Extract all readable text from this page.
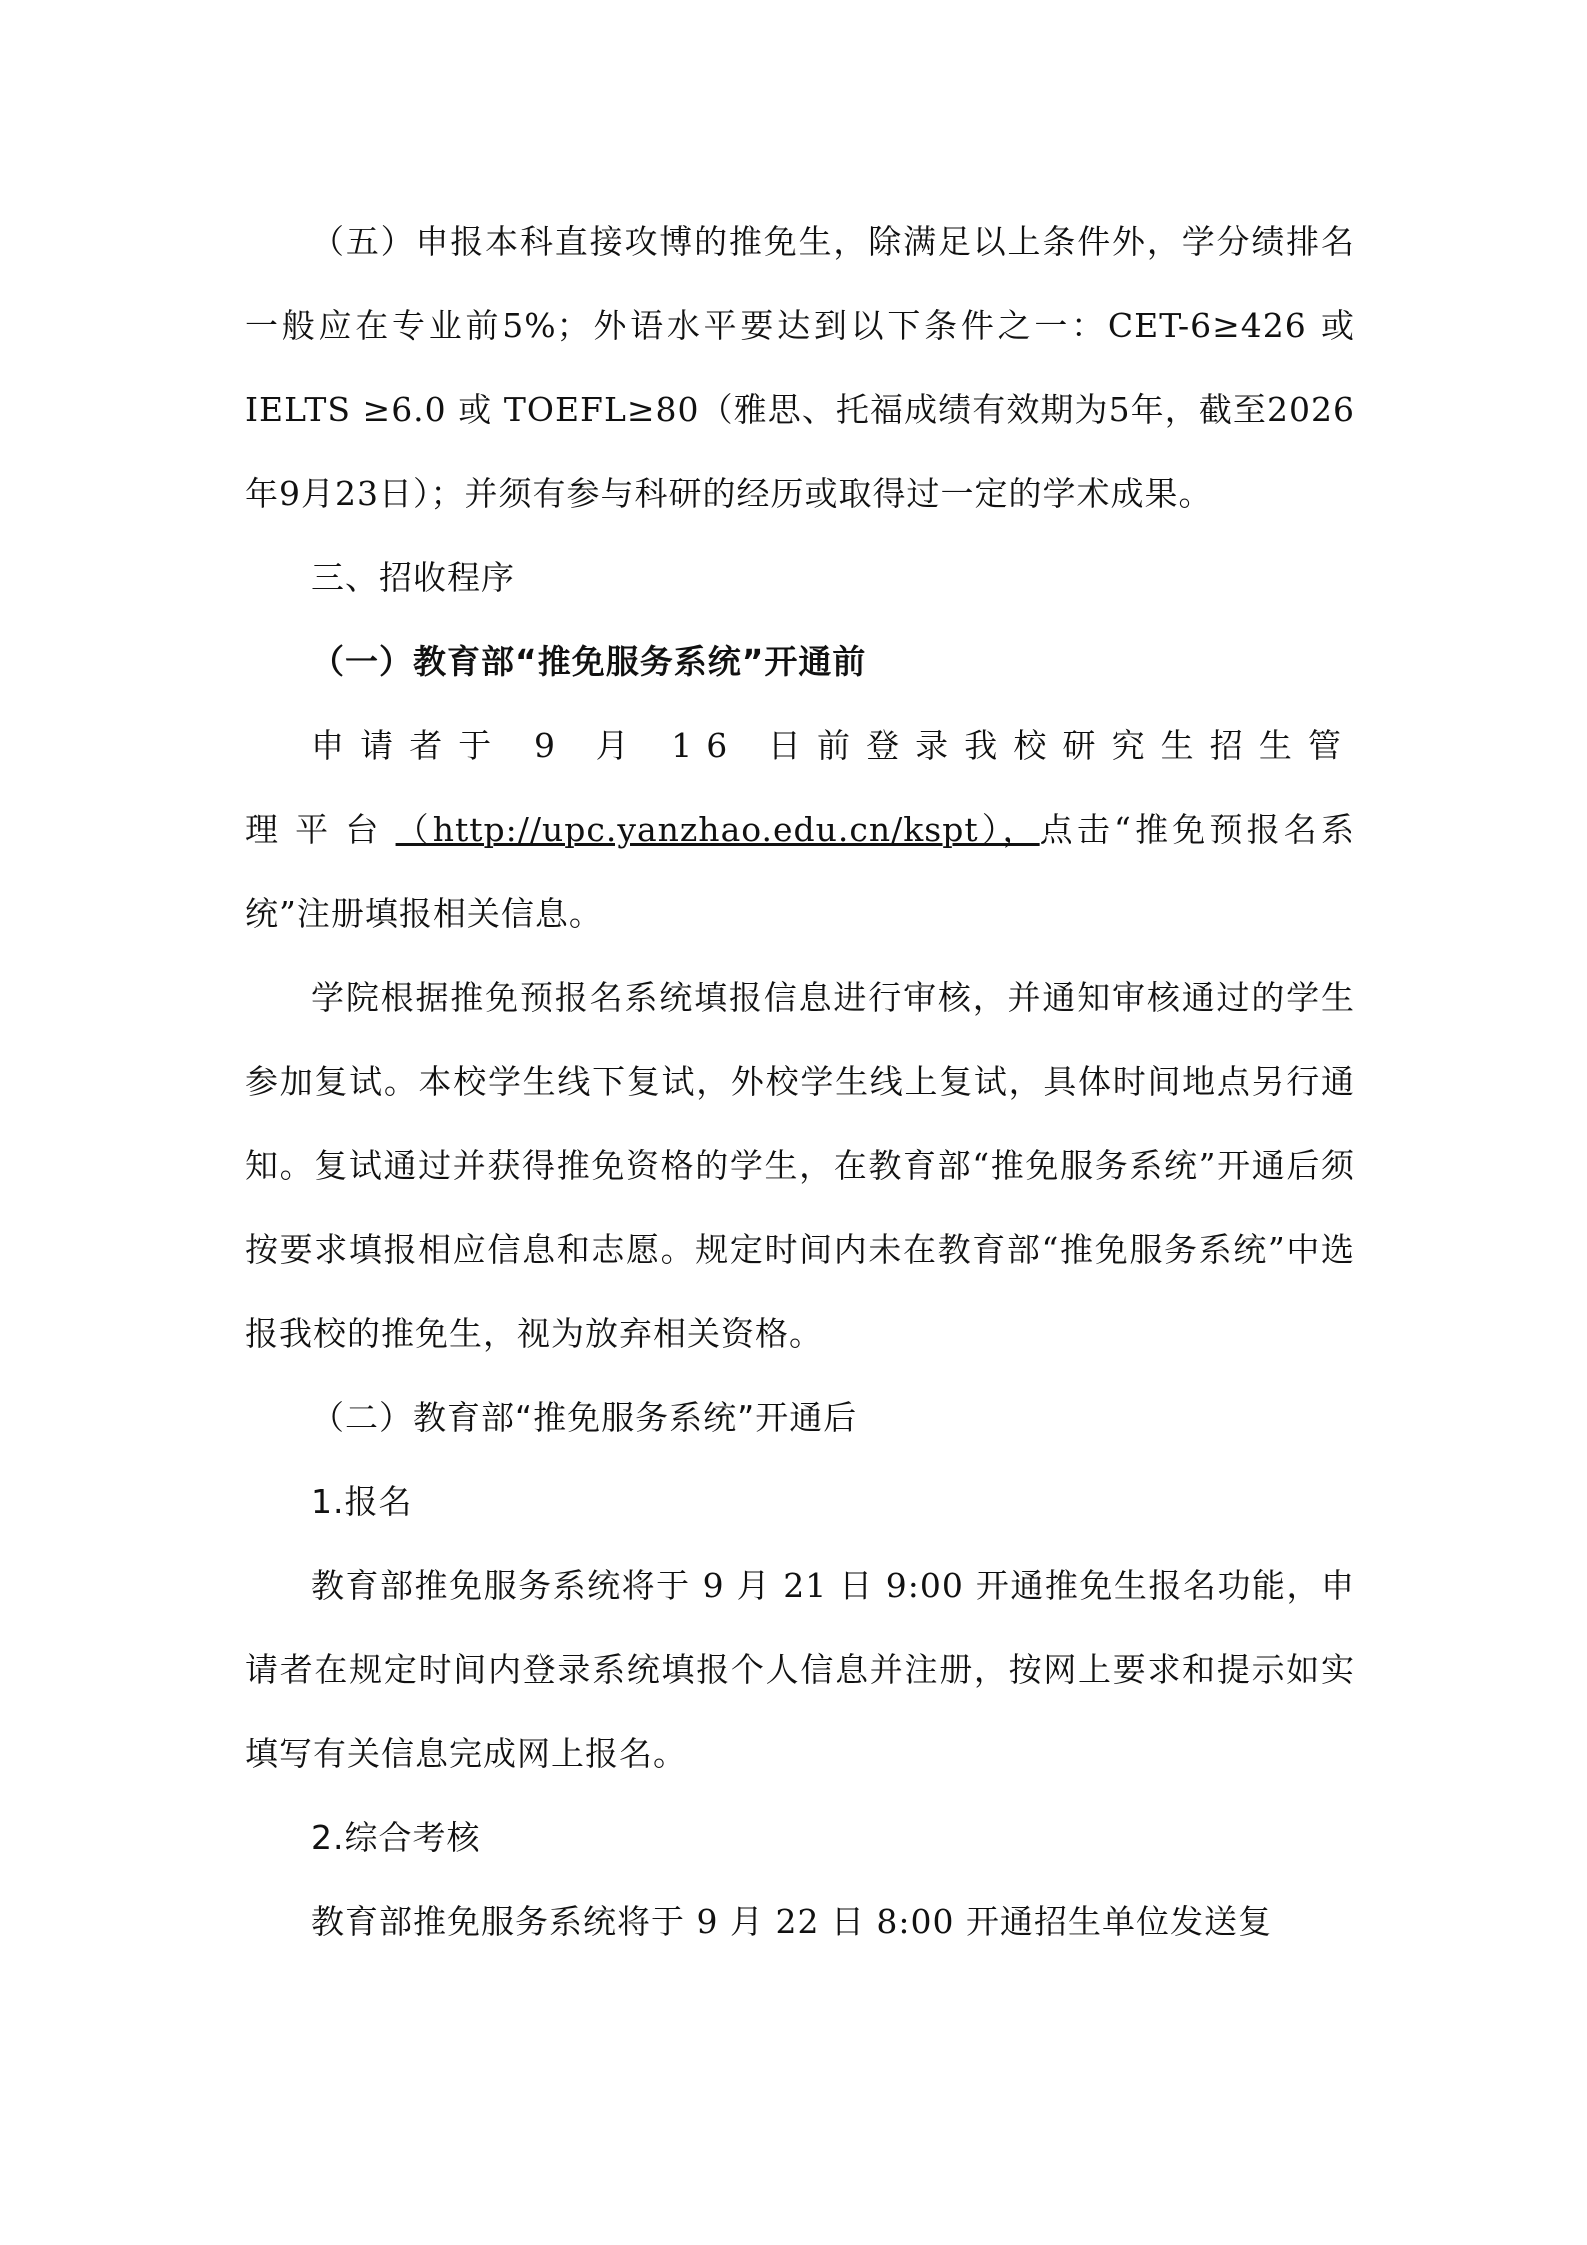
（五）申报本科直接攻博的推免生，除满足以上条件外，学分绩排名一般应在专业前5%；外语水平要达到以下条件之一：CET-6≥426 或 IELTS ≥6.0 或 TOEFL≥80（雅思、托福成绩有效期为5年，截至2026年9月23日）；并须有参与科研的经历或取得过一定的学术成果。

三、招收程序

（一）教育部“推免服务系统”开通前

申请者于 9 月 16 日前登录我校研究生招生管理平台（http://upc.yanzhao.edu.cn/kspt），点击“推免预报名系统”注册填报相关信息。

学院根据推免预报名系统填报信息进行审核，并通知审核通过的学生参加复试。本校学生线下复试，外校学生线上复试，具体时间地点另行通知。复试通过并获得推免资格的学生，在教育部“推免服务系统”开通后须按要求填报相应信息和志愿。规定时间内未在教育部“推免服务系统”中选报我校的推免生，视为放弃相关资格。

（二）教育部“推免服务系统”开通后

1.报名

教育部推免服务系统将于 9 月 21 日 9:00 开通推免生报名功能，申请者在规定时间内登录系统填报个人信息并注册，按网上要求和提示如实填写有关信息完成网上报名。

2.综合考核

教育部推免服务系统将于 9 月 22 日 8:00 开通招生单位发送复
